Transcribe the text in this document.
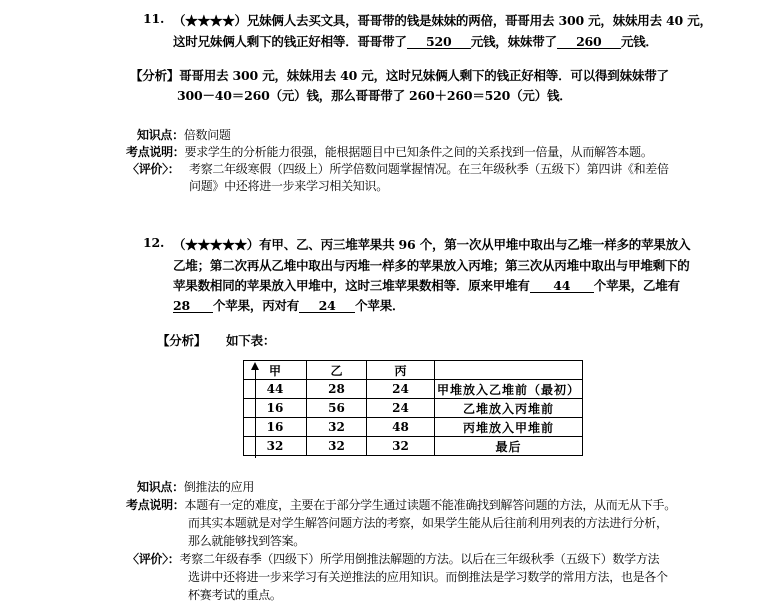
11. （★★★★）兄妹俩人去买文具，哥哥带的钱是妹妹的两倍，哥哥用去 300 元，妹妹用去 40 元，
这时兄妹俩人剩下的钱正好相等．哥哥带了 520 元钱，妹妹带了 260 元钱．
【分析】哥哥用去 300 元，妹妹用去 40 元，这时兄妹俩人剩下的钱正好相等．可以得到妹妹带了
300－40＝260（元）钱，那么哥哥带了 260＋260＝520（元）钱．
知识点：倍数问题
考点说明：要求学生的分析能力很强，能根据题目中已知条件之间的关系找到一倍量，从而解答本题。
〈评价〉： 考察二年级寒假（四级上）所学倍数问题掌握情况。在三年级秋季（五级下）第四讲《和差倍
问题》中还将进一步来学习相关知识。
12. （★★★★★）有甲、乙、丙三堆苹果共 96 个，第一次从甲堆中取出与乙堆一样多的苹果放入
乙堆；第二次再从乙堆中取出与丙堆一样多的苹果放入丙堆；第三次从丙堆中取出与甲堆剩下的
苹果数相同的苹果放入甲堆中，这时三堆苹果数相等．原来甲堆有 44 个苹果，乙堆有
28 个苹果，丙对有 24 个苹果．
【分析】 如下表：
甲	乙	丙	
44	28	24	甲堆放入乙堆前（最初）
16	56	24	乙堆放入丙堆前
16	32	48	丙堆放入甲堆前
32	32	32	最后
知识点：倒推法的应用
考点说明：本题有一定的难度，主要在于部分学生通过读题不能准确找到解答问题的方法，从而无从下手。
而其实本题就是对学生解答问题方法的考察，如果学生能从后往前利用列表的方法进行分析，
那么就能够找到答案。
〈评价〉：考察二年级春季（四级下）所学用倒推法解题的方法。以后在三年级秋季（五级下）数学方法
选讲中还将进一步来学习有关逆推法的应用知识。而倒推法是学习数学的常用方法，也是各个
杯赛考试的重点。
